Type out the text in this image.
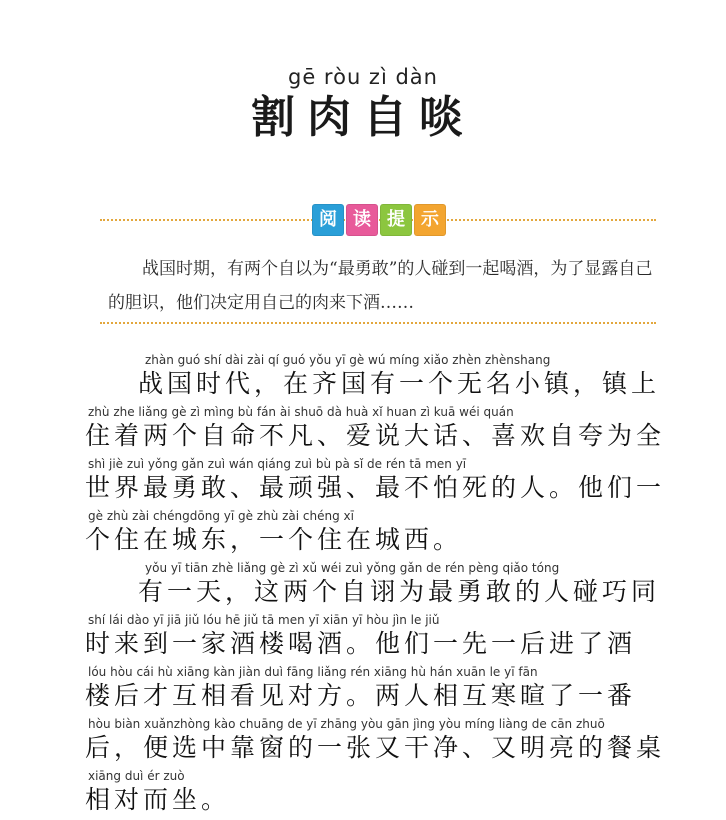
gē ròu zì dàn
割肉自啖
阅 读 提 示
战国时期，有两个自以为“最勇敢”的人碰到一起喝酒，为了显露自己的胆识，他们决定用自己的肉来下酒……
zhàn guó shí dài zài qí guó yǒu yī gè wú míng xiǎo zhèn zhènshang
战国时代，在齐国有一个无名小镇，镇上
zhù zhe liǎng gè zì mìng bù fán ài shuō dà huà xǐ huan zì kuā wéi quán
住着两个自命不凡、爱说大话、喜欢自夸为全
shì jiè zuì yǒng gǎn zuì wán qiáng zuì bù pà sǐ de rén tā men yī
世界最勇敢、最顽强、最不怕死的人。他们一
gè zhù zài chéngdōng yī gè zhù zài chéng xī
个住在城东，一个住在城西。
yǒu yī tiān zhè liǎng gè zì xǔ wéi zuì yǒng gǎn de rén pèng qiǎo tóng
有一天，这两个自诩为最勇敢的人碰巧同
shí lái dào yī jiā jiǔ lóu hē jiǔ tā men yī xiān yī hòu jìn le jiǔ
时来到一家酒楼喝酒。他们一先一后进了酒
lóu hòu cái hù xiāng kàn jiàn duì fāng liǎng rén xiāng hù hán xuān le yī fān
楼后才互相看见对方。两人相互寒暄了一番
hòu biàn xuǎnzhòng kào chuāng de yī zhāng yòu gān jìng yòu míng liàng de cān zhuō
后，便选中靠窗的一张又干净、又明亮的餐桌
xiāng duì ér zuò
相对而坐。
